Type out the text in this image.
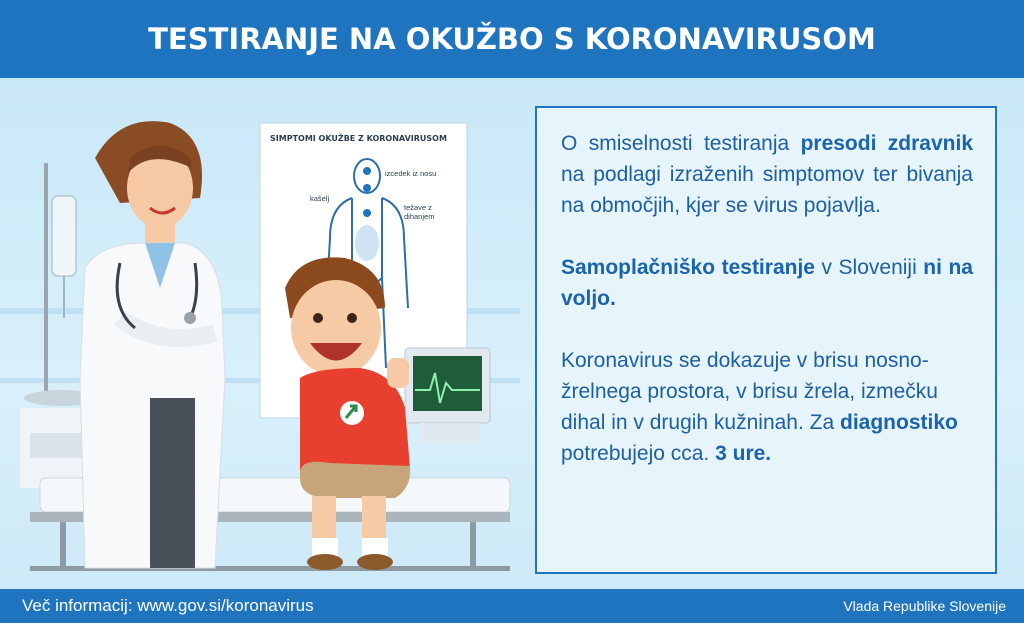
TESTIRANJE NA OKUŽBO S KORONAVIRUSOM
SIMPTOMI OKUŽBE Z KORONAVIRUSOM
izcedek iz nosu
kašelj
težave z
dihanjem

O smiselnosti testiranja presodi zdravnik na podlagi izraženih simptomov ter bivanja na območjih, kjer se virus pojavlja.

Samoplačniško testiranje v Sloveniji ni na voljo.

Koronavirus se dokazuje v brisu nosno-žrelnega prostora, v brisu žrela, izmečku dihal in v drugih kužninah. Za diagnostiko potrebujejo cca. 3 ure.

Več informacij: www.gov.si/koronavirus	Vlada Republike Slovenije
